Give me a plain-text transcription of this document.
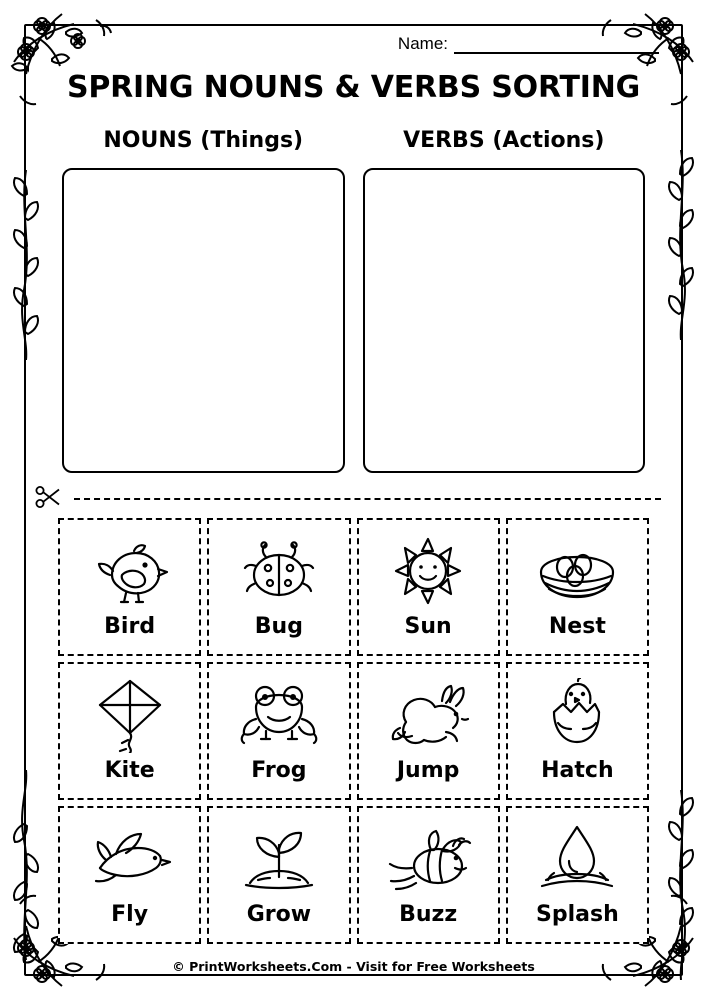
Name:
SPRING NOUNS & VERBS SORTING
NOUNS (Things)	VERBS (Actions)
Bird	Bug	Sun	Nest
Kite	Frog	Jump	Hatch
Fly	Grow	Buzz	Splash
© PrintWorksheets.Com - Visit for Free Worksheets
